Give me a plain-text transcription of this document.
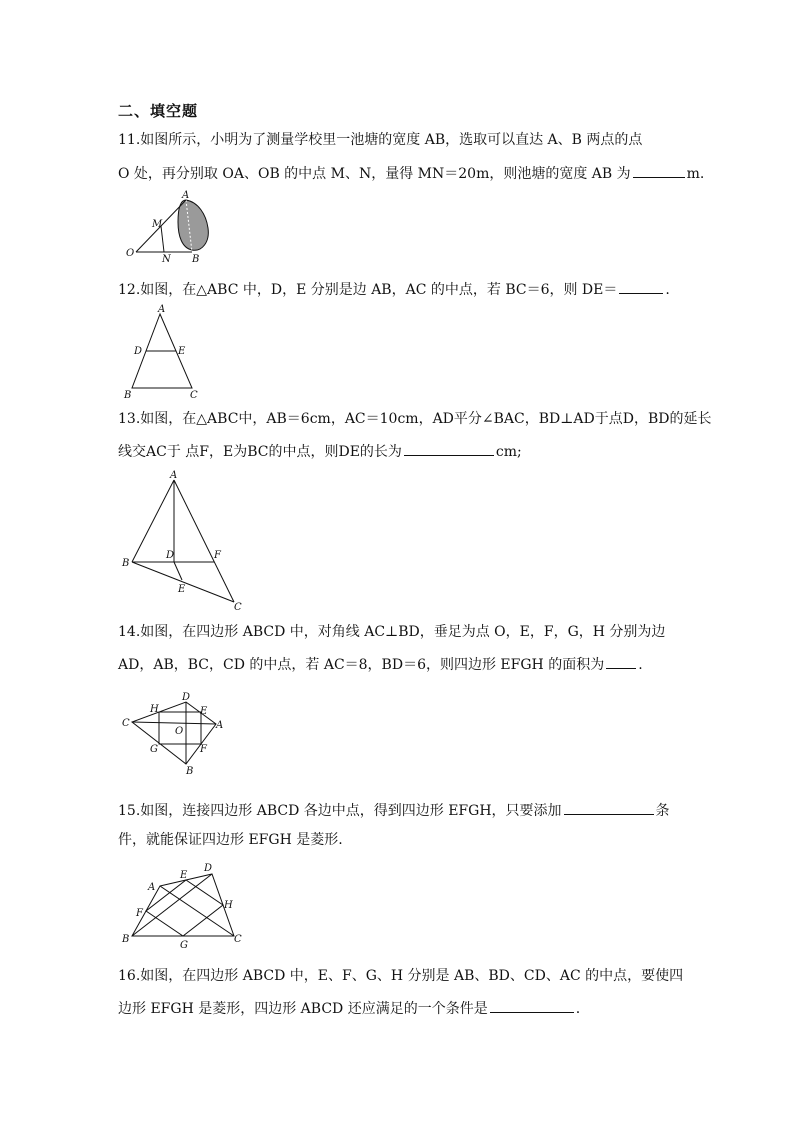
二、填空题
11.如图所示，小明为了测量学校里一池塘的宽度 AB，选取可以直达 A、B 两点的点
O 处，再分别取 OA、OB 的中点 M、N，量得 MN＝20m，则池塘的宽度 AB 为	m.
A
M
O
N B
12.如图，在△ABC 中，D，E 分别是边 AB，AC 的中点，若 BC＝6，则 DE＝	.
A
D	E
B	C
13.如图，在△ABC中，AB＝6cm，AC＝10cm，AD平分∠BAC，BD⊥AD于点D，BD的延长
线交AC于 点F，E为BC的中点，则DE的长为	cm;
A
D	F
B
E
C
14.如图，在四边形 ABCD 中，对角线 AC⊥BD，垂足为点 O，E，F，G，H 分别为边
AD，AB，BC，CD 的中点，若 AC＝8，BD＝6，则四边形 EFGH 的面积为 .
D
H	E
C	A
O
G	F
B
15.如图，连接四边形 ABCD 各边中点，得到四边形 EFGH，只要添加	条
件，就能保证四边形 EFGH 是菱形.
D
E
A
H
F
B
G
C
16.如图，在四边形 ABCD 中，E、F、G、H 分别是 AB、BD、CD、AC 的中点，要使四
边形 EFGH 是菱形，四边形 ABCD 还应满足的一个条件是	.
